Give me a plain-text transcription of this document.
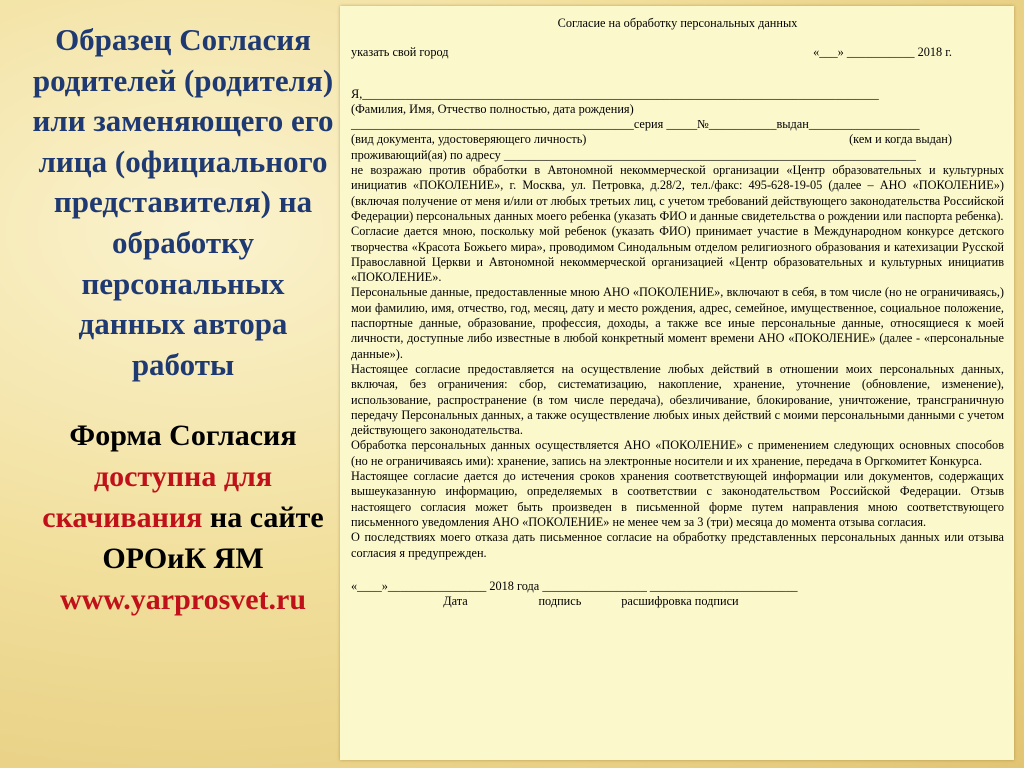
Образец Согласия родителей (родителя) или заменяющего его лица (официального представителя) на обработку персональных данных автора работы
Форма Согласия доступна для скачивания на сайте ОРОиК ЯМ www.yarprosvet.ru
Согласие на обработку персональных данных
указать свой город	«___» ___________ 2018 г.
Я,____________________________________________________________________________________
(Фамилия, Имя, Отчество полностью, дата рождения)
______________________________________________серия _____№___________выдан__________________
(вид документа, удостоверяющего личность)	(кем и когда выдан)
проживающий(ая) по адресу ___________________________________________________________________

не возражаю против обработки в Автономной некоммерческой организации «Центр образовательных и культурных инициатив «ПОКОЛЕНИЕ», г. Москва, ул. Петровка, д.28/2, тел./факс: 495-628-19-05 (далее – АНО «ПОКОЛЕНИЕ») (включая получение от меня и/или от любых третьих лиц, с учетом требований действующего законодательства Российской Федерации) персональных данных моего ребенка (указать ФИО и данные свидетельства о рождении или паспорта ребенка).

Согласие дается мною, поскольку мой ребенок (указать ФИО) принимает участие в Международном конкурсе детского творчества «Красота Божьего мира», проводимом Синодальным отделом религиозного образования и катехизации Русской Православной Церкви и Автономной некоммерческой организацией «Центр образовательных и культурных инициатив «ПОКОЛЕНИЕ».

Персональные данные, предоставленные мною АНО «ПОКОЛЕНИЕ», включают в себя, в том числе (но не ограничиваясь,) мои фамилию, имя, отчество, год, месяц, дату и место рождения, адрес, семейное, имущественное, социальное положение, паспортные данные, образование, профессия, доходы, а также все иные персональные данные, относящиеся к моей личности, доступные либо известные в любой конкретный момент времени АНО «ПОКОЛЕНИЕ» (далее - «персональные данные»).

Настоящее согласие предоставляется на осуществление любых действий в отношении моих персональных данных, включая, без ограничения: сбор, систематизацию, накопление, хранение, уточнение (обновление, изменение), использование, распространение (в том числе передача), обезличивание, блокирование, уничтожение, трансграничную передачу Персональных данных, а также осуществление любых иных действий с моими персональными данными с учетом действующего законодательства.

Обработка персональных данных осуществляется АНО «ПОКОЛЕНИЕ» с применением следующих основных способов (но не ограничиваясь ими): хранение, запись на электронные носители и их хранение, передача в Оргкомитет Конкурса.

Настоящее согласие дается до истечения сроков хранения соответствующей информации или документов, содержащих вышеуказанную информацию, определяемых в соответствии с законодательством Российской Федерации. Отзыв настоящего согласия может быть произведен в письменной форме путем направления мною соответствующего письменного уведомления АНО «ПОКОЛЕНИЕ» не менее чем за 3 (три) месяца до момента отзыва согласия.

О последствиях моего отказа дать письменное согласие на обработку представленных персональных данных или отзыва согласия я предупрежден.

«____»________________ 2018 года _________________ ________________________
Дата                       подпись             расшифровка подписи
